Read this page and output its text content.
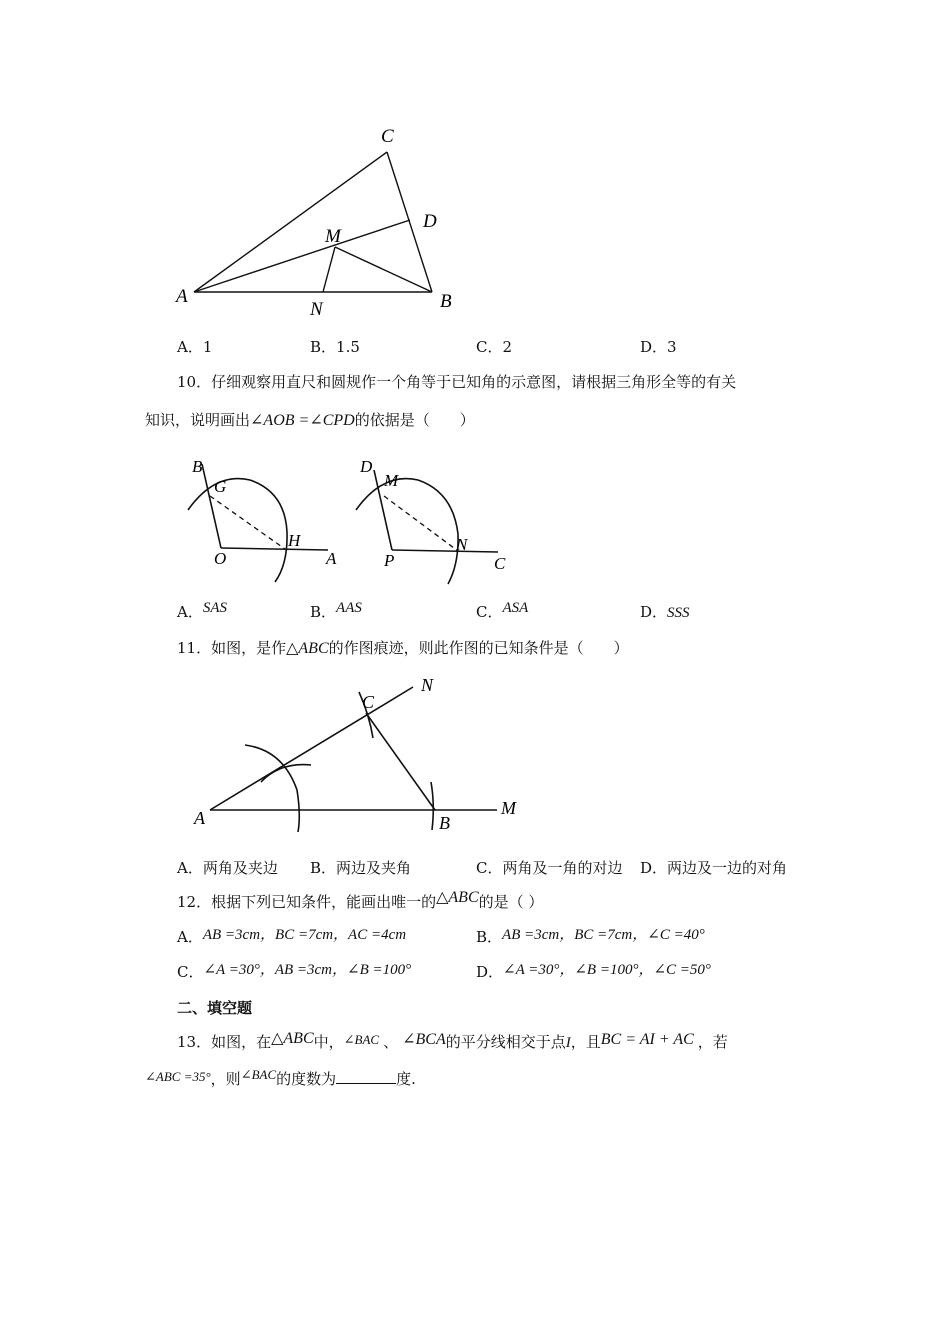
A
C
D
M
B
N
A．1	B．1.5	C．2	D．3
10．仔细观察用直尺和圆规作一个角等于已知角的示意图，请根据三角形全等的有关
知识，说明画出∠AOB =∠CPD的依据是（　　）
B
G
O
H
A
D
M
P
N
C
A．SAS	B．AAS	C．ASA	D．SSS
11．如图，是作△ABC的作图痕迹，则此作图的已知条件是（　　）
A
C
N
B
M
A．两角及夹边 B．两边及夹角	C．两角及一角的对边 D．两边及一边的对角
12．根据下列已知条件，能画出唯一的△ABC的是（ ）
A．AB =3cm，BC =7cm，AC =4cm	B．AB =3cm，BC =7cm，∠C =40°
C．∠A =30°，AB =3cm，∠B =100°	D．∠A =30°，∠B =100°，∠C =50°
二、填空题
13．如图，在△ABC中，∠BAC 、 ∠BCA的平分线相交于点I，且BC = AI + AC ，若
∠ABC =35°，则∠BAC的度数为	度.
